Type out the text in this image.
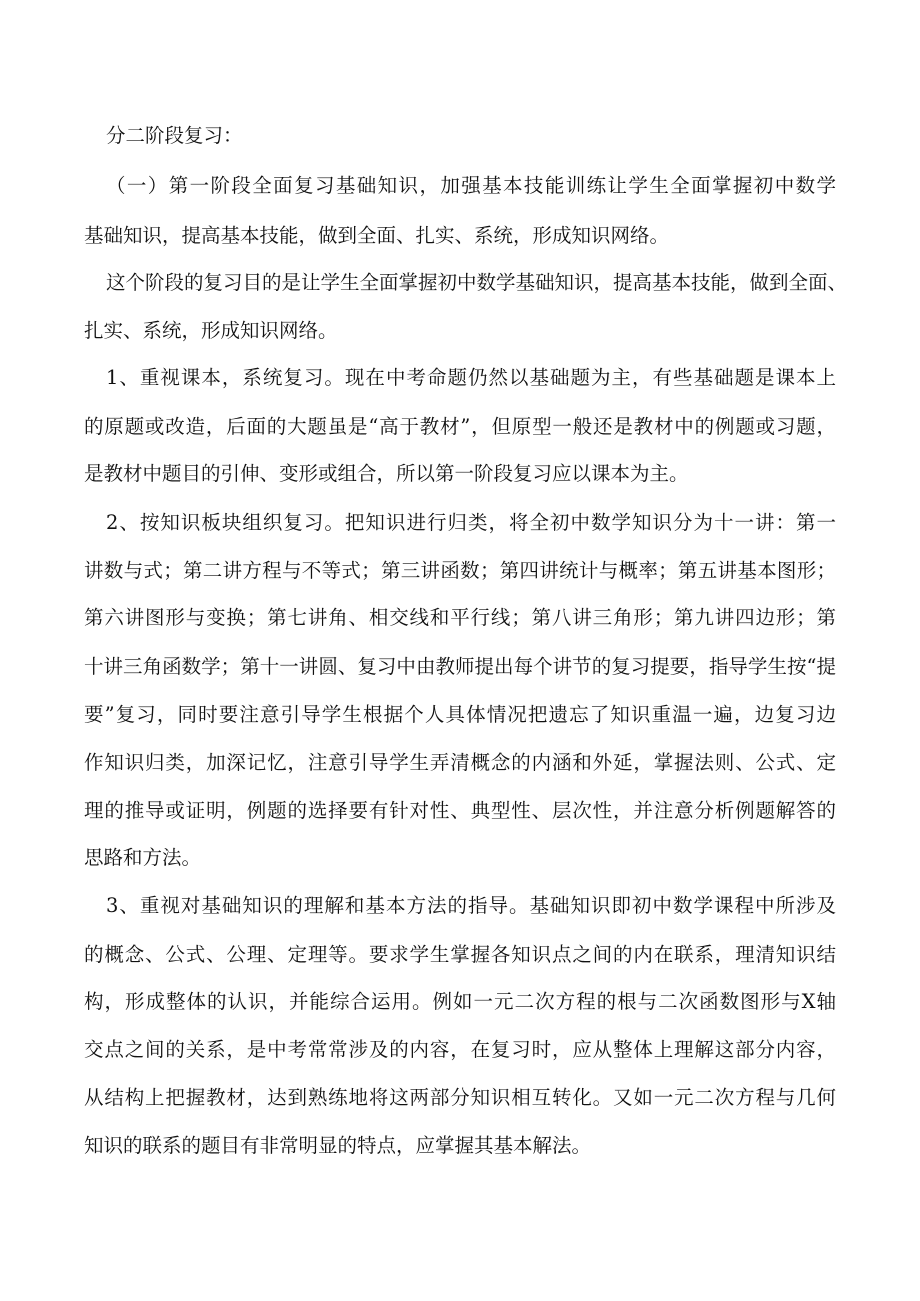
分二阶段复习：
（一）第一阶段全面复习基础知识，加强基本技能训练让学生全面掌握初中数学
基础知识，提高基本技能，做到全面、扎实、系统，形成知识网络。
这个阶段的复习目的是让学生全面掌握初中数学基础知识，提高基本技能，做到全面、
扎实、系统，形成知识网络。
1、重视课本，系统复习。现在中考命题仍然以基础题为主，有些基础题是课本上
的原题或改造，后面的大题虽是“高于教材”，但原型一般还是教材中的例题或习题，
是教材中题目的引伸、变形或组合，所以第一阶段复习应以课本为主。
2、按知识板块组织复习。把知识进行归类，将全初中数学知识分为十一讲：第一
讲数与式；第二讲方程与不等式；第三讲函数；第四讲统计与概率；第五讲基本图形；
第六讲图形与变换；第七讲角、相交线和平行线；第八讲三角形；第九讲四边形；第
十讲三角函数学；第十一讲圆、复习中由教师提出每个讲节的复习提要，指导学生按“提
要”复习，同时要注意引导学生根据个人具体情况把遗忘了知识重温一遍，边复习边
作知识归类，加深记忆，注意引导学生弄清概念的内涵和外延，掌握法则、公式、定
理的推导或证明，例题的选择要有针对性、典型性、层次性，并注意分析例题解答的
思路和方法。
3、重视对基础知识的理解和基本方法的指导。基础知识即初中数学课程中所涉及
的概念、公式、公理、定理等。要求学生掌握各知识点之间的内在联系，理清知识结
构，形成整体的认识，并能综合运用。例如一元二次方程的根与二次函数图形与X轴
交点之间的关系，是中考常常涉及的内容，在复习时，应从整体上理解这部分内容，
从结构上把握教材，达到熟练地将这两部分知识相互转化。又如一元二次方程与几何
知识的联系的题目有非常明显的特点，应掌握其基本解法。
